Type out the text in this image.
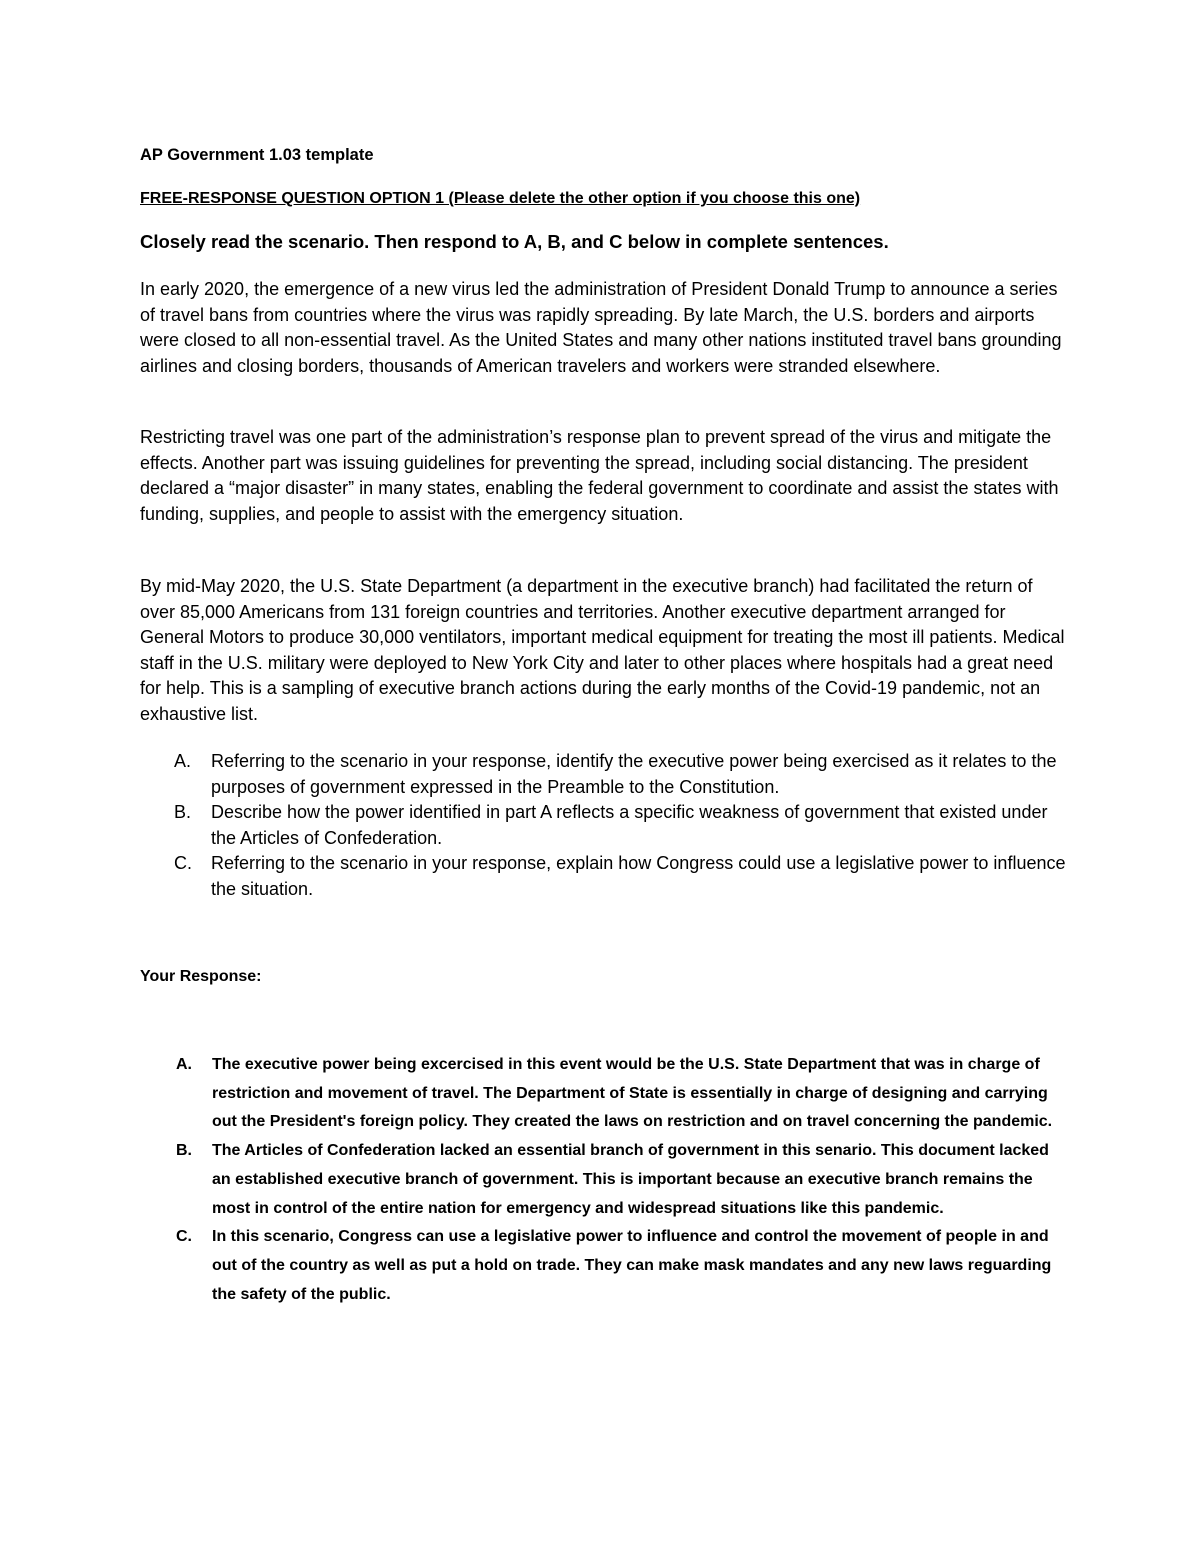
AP Government 1.03 template

FREE-RESPONSE QUESTION OPTION 1 (Please delete the other option if you choose this one)

Closely read the scenario. Then respond to A, B, and C below in complete sentences.

In early 2020, the emergence of a new virus led the administration of President Donald Trump to announce a series of travel bans from countries where the virus was rapidly spreading. By late March, the U.S. borders and airports were closed to all non-essential travel. As the United States and many other nations instituted travel bans grounding airlines and closing borders, thousands of American travelers and workers were stranded elsewhere.

Restricting travel was one part of the administration’s response plan to prevent spread of the virus and mitigate the effects. Another part was issuing guidelines for preventing the spread, including social distancing. The president declared a “major disaster” in many states, enabling the federal government to coordinate and assist the states with funding, supplies, and people to assist with the emergency situation.

By mid-May 2020, the U.S. State Department (a department in the executive branch) had facilitated the return of over 85,000 Americans from 131 foreign countries and territories. Another executive department arranged for General Motors to produce 30,000 ventilators, important medical equipment for treating the most ill patients. Medical staff in the U.S. military were deployed to New York City and later to other places where hospitals had a great need for help. This is a sampling of executive branch actions during the early months of the Covid-19 pandemic, not an exhaustive list.

A. Referring to the scenario in your response, identify the executive power being exercised as it relates to the purposes of government expressed in the Preamble to the Constitution.
B. Describe how the power identified in part A reflects a specific weakness of government that existed under the Articles of Confederation.
C. Referring to the scenario in your response, explain how Congress could use a legislative power to influence the situation.

Your Response:

A. The executive power being excercised in this event would be the U.S. State Department that was in charge of restriction and movement of travel. The Department of State is essentially in charge of designing and carrying out the President's foreign policy. They created the laws on restriction and on travel concerning the pandemic.
B. The Articles of Confederation lacked an essential branch of government in this senario. This document lacked an established executive branch of government. This is important because an executive branch remains the most in control of the entire nation for emergency and widespread situations like this pandemic.
C. In this scenario, Congress can use a legislative power to influence and control the movement of people in and out of the country as well as put a hold on trade. They can make mask mandates and any new laws reguarding the safety of the public.
